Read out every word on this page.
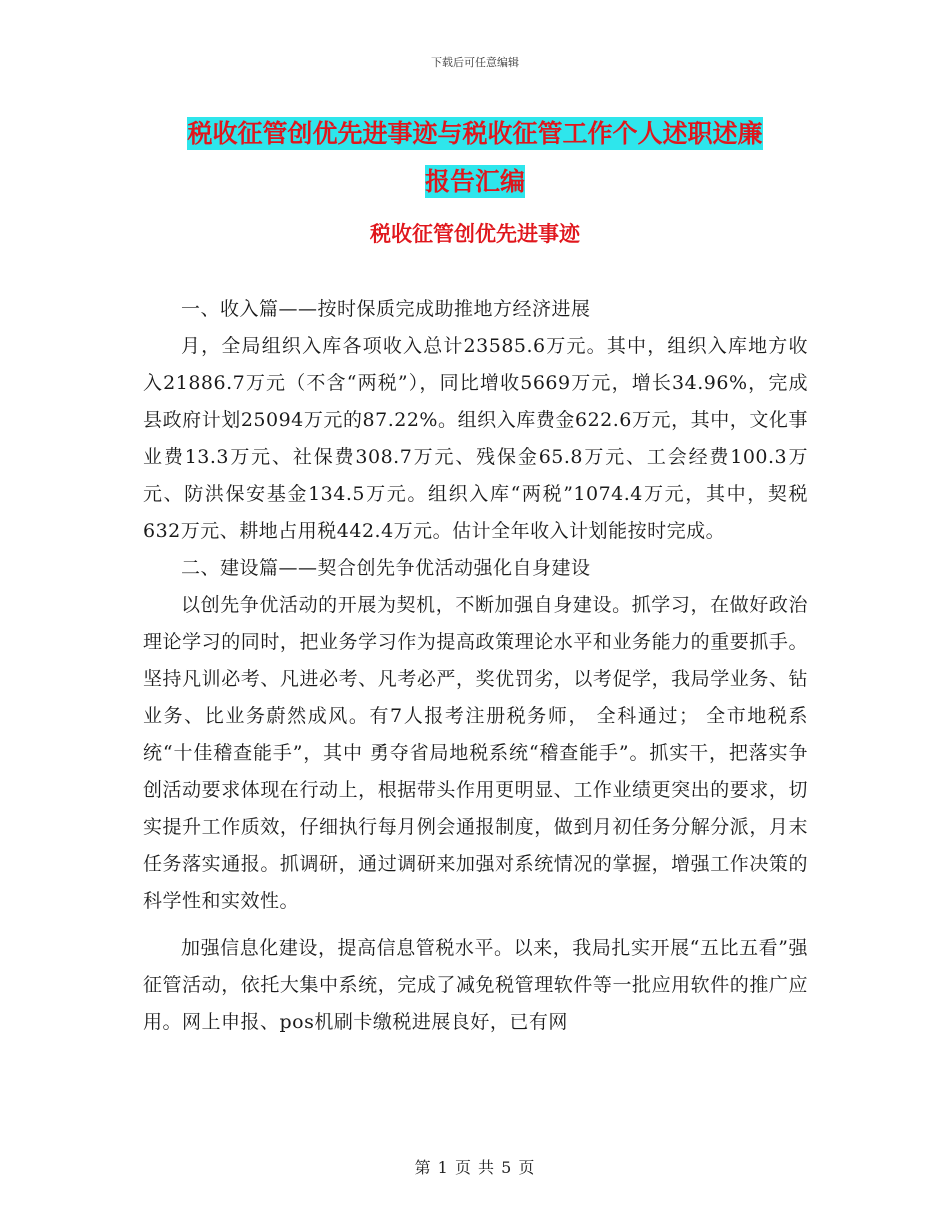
下载后可任意编辑
税收征管创优先进事迹与税收征管工作个人述职述廉
报告汇编
税收征管创优先进事迹

一、收入篇——按时保质完成助推地方经济进展

月，全局组织入库各项收入总计23585.6万元。其中，组织入库地方收入21886.7万元（不含“两税”），同比增收5669万元，增长34.96%，完成县政府计划25094万元的87.22%。组织入库费金622.6万元，其中，文化事业费13.3万元、社保费308.7万元、残保金65.8万元、工会经费100.3万元、防洪保安基金134.5万元。组织入库“两税”1074.4万元，其中，契税632万元、耕地占用税442.4万元。估计全年收入计划能按时完成。

二、建设篇——契合创先争优活动强化自身建设

以创先争优活动的开展为契机，不断加强自身建设。抓学习，在做好政治理论学习的同时，把业务学习作为提高政策理论水平和业务能力的重要抓手。坚持凡训必考、凡进必考、凡考必严，奖优罚劣，以考促学，我局学业务、钻业务、比业务蔚然成风。有7人报考注册税务师， 全科通过； 全市地税系统“十佳稽查能手”，其中 勇夺省局地税系统“稽查能手”。抓实干，把落实争创活动要求体现在行动上，根据带头作用更明显、工作业绩更突出的要求，切实提升工作质效，仔细执行每月例会通报制度，做到月初任务分解分派，月末任务落实通报。抓调研，通过调研来加强对系统情况的掌握，增强工作决策的科学性和实效性。

加强信息化建设，提高信息管税水平。以来，我局扎实开展“五比五看”强征管活动，依托大集中系统，完成了减免税管理软件等一批应用软件的推广应用。网上申报、pos机刷卡缴税进展良好，已有网

第 1 页 共 5 页
